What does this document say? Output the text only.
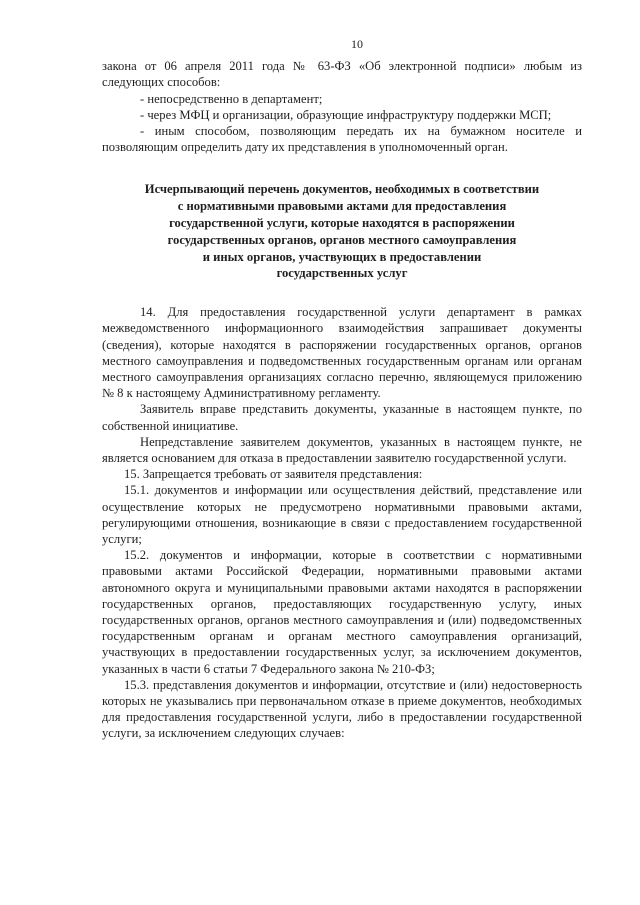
10

закона от 06 апреля 2011 года № 63-ФЗ «Об электронной подписи» любым из следующих способов:

- непосредственно в департамент;

- через МФЦ и организации, образующие инфраструктуру поддержки МСП;

- иным способом, позволяющим передать их на бумажном носителе и позволяющим определить дату их представления в уполномоченный орган.

Исчерпывающий перечень документов, необходимых в соответствии
с нормативными правовыми актами для предоставления
государственной услуги, которые находятся в распоряжении
государственных органов, органов местного самоуправления
и иных органов, участвующих в предоставлении
государственных услуг

14. Для предоставления государственной услуги департамент в рамках межведомственного информационного взаимодействия запрашивает документы (сведения), которые находятся в распоряжении государственных органов, органов местного самоуправления и подведомственных государственным органам или органам местного самоуправления организациях согласно перечню, являющемуся приложению № 8 к настоящему Административному регламенту.

Заявитель вправе представить документы, указанные в настоящем пункте, по собственной инициативе.

Непредставление заявителем документов, указанных в настоящем пункте, не является основанием для отказа в предоставлении заявителю государственной услуги.

15. Запрещается требовать от заявителя представления:

15.1. документов и информации или осуществления действий, представление или осуществление которых не предусмотрено нормативными правовыми актами, регулирующими отношения, возникающие в связи с предоставлением государственной услуги;

15.2. документов и информации, которые в соответствии с нормативными правовыми актами Российской Федерации, нормативными правовыми актами автономного округа и муниципальными правовыми актами находятся в распоряжении государственных органов, предоставляющих государственную услугу, иных государственных органов, органов местного самоуправления и (или) подведомственных государственным органам и органам местного самоуправления организаций, участвующих в предоставлении государственных услуг, за исключением документов, указанных в части 6 статьи 7 Федерального закона № 210-ФЗ;

15.3. представления документов и информации, отсутствие и (или) недостоверность которых не указывались при первоначальном отказе в приеме документов, необходимых для предоставления государственной услуги, либо в предоставлении государственной услуги, за исключением следующих случаев:
